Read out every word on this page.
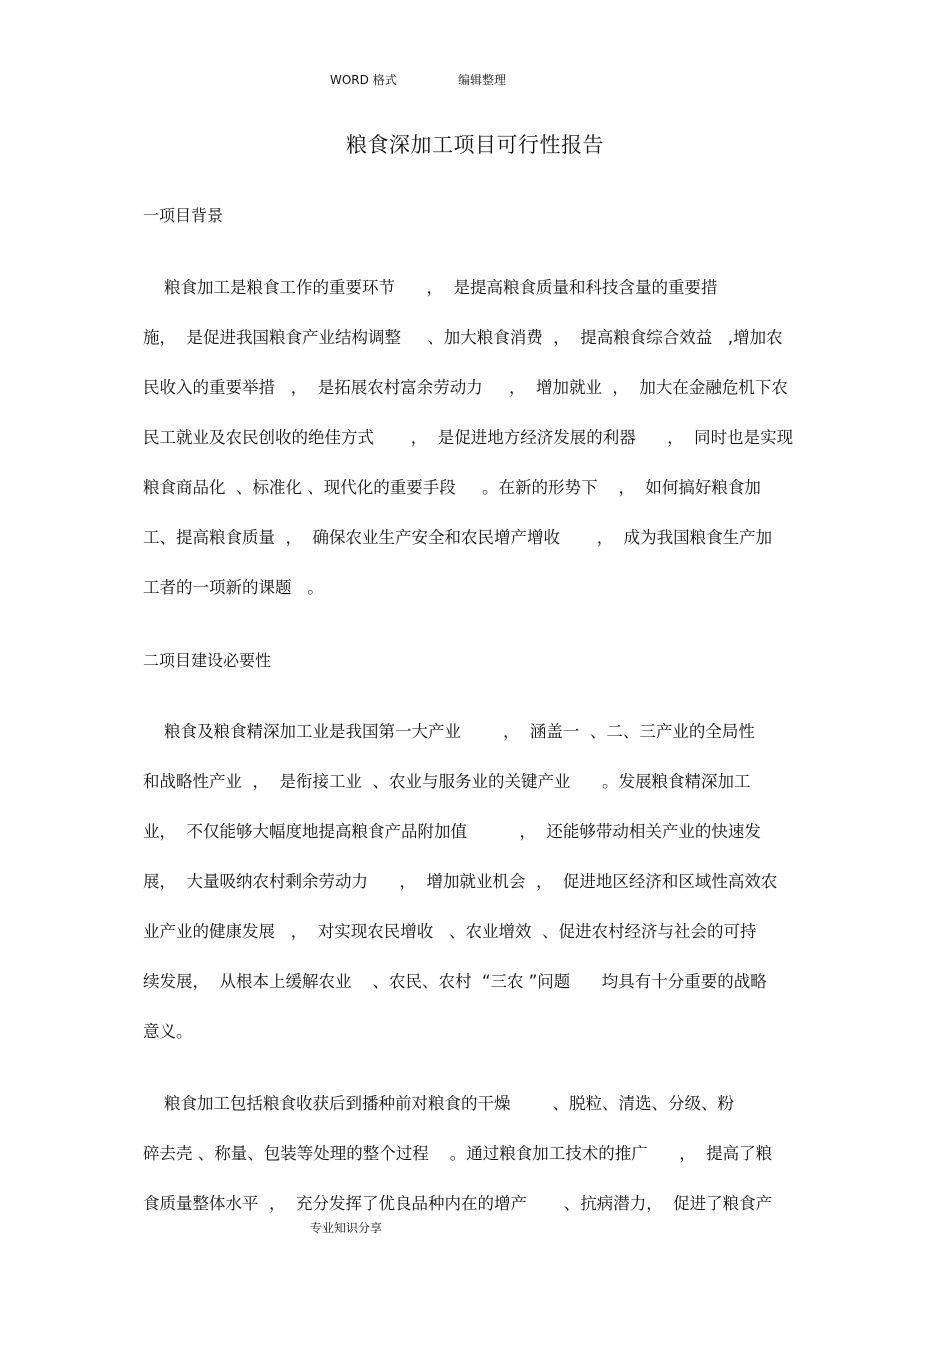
WORD 格式	编辑整理
粮食深加工项目可行性报告
一项目背景
粮食加工是粮食工作的重要环节      ，  是提高粮食质量和科技含量的重要措
施，  是促进我国粮食产业结构调整     、加大粮食消费  ，  提高粮食综合效益   ,增加农
民收入的重要举措   ，  是拓展农村富余劳动力     ，  增加就业  ，  加大在金融危机下农
民工就业及农民创收的绝佳方式       ，  是促进地方经济发展的利器      ，  同时也是实现
粮食商品化  、标准化 、现代化的重要手段     。在新的形势下    ，  如何搞好粮食加
工、提高粮食质量  ，  确保农业生产安全和农民增产增收       ，  成为我国粮食生产加
工者的一项新的课题   。
二项目建设必要性
粮食及粮食精深加工业是我国第一大产业        ，  涵盖一  、二、三产业的全局性
和战略性产业  ，  是衔接工业  、农业与服务业的关键产业      。发展粮食精深加工
业，  不仅能够大幅度地提高粮食产品附加值          ，  还能够带动相关产业的快速发
展，  大量吸纳农村剩余劳动力      ，  增加就业机会  ，  促进地区经济和区域性高效农
业产业的健康发展   ，  对实现农民增收   、农业增效  、促进农村经济与社会的可持
续发展，  从根本上缓解农业    、农民、农村  “三农 ”问题      均具有十分重要的战略
意义。
粮食加工包括粮食收获后到播种前对粮食的干燥        、脱粒、清选、分级、粉
碎去壳 、称量、包装等处理的整个过程    。通过粮食加工技术的推广      ，  提高了粮
食质量整体水平  ，  充分发挥了优良品种内在的增产       、抗病潜力，  促进了粮食产
专业知识分享
